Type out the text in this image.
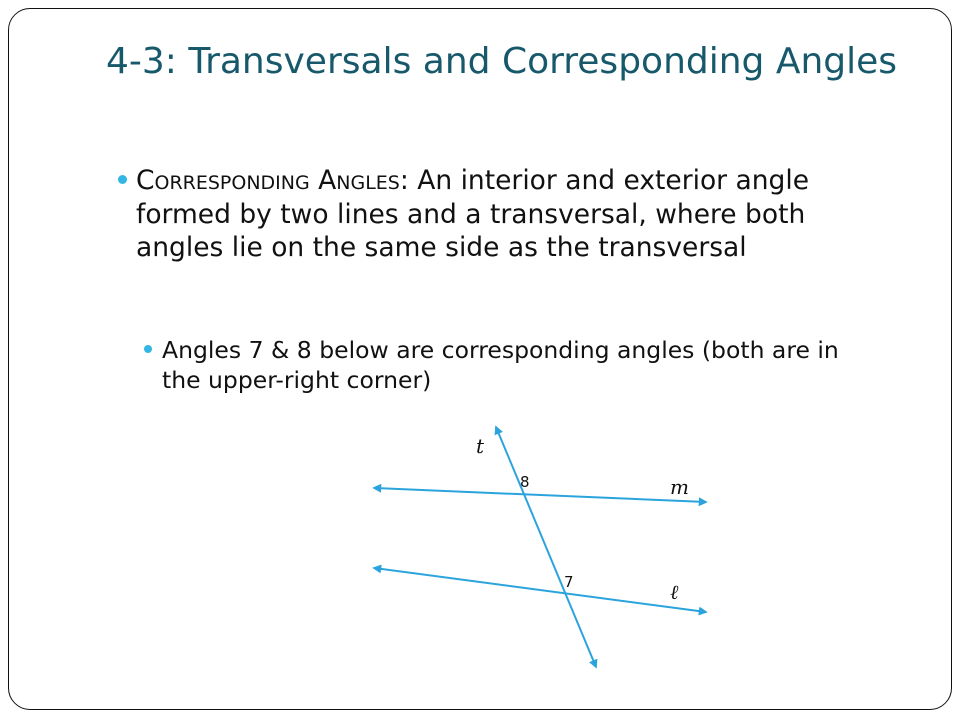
4-3: Transversals and Corresponding Angles
Corresponding Angles: An interior and exterior angle formed by two lines and a transversal, where both angles lie on the same side as the transversal
Angles 7 & 8 below are corresponding angles (both are in the upper-right corner)
t
8	m
7	ℓ
